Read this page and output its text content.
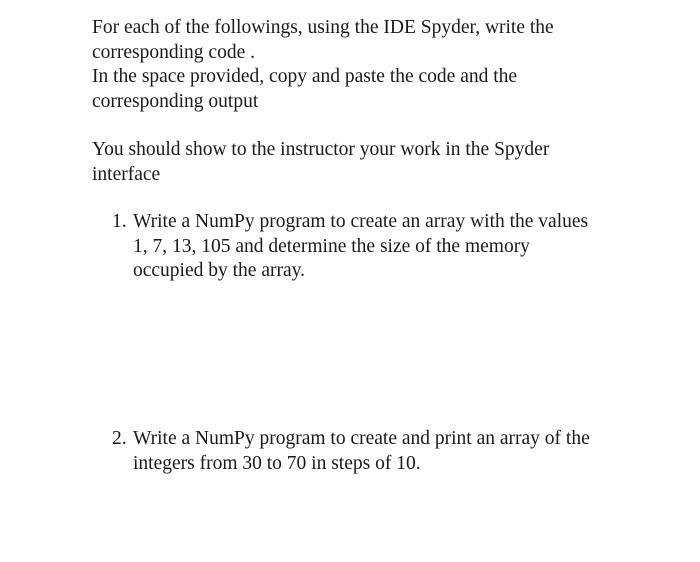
For each of the followings, using the IDE Spyder, write the
corresponding code .
In the space provided, copy and paste the code and the
corresponding output

You should show to the instructor your work in the Spyder
interface

1. Write a NumPy program to create an array with the values
1, 7, 13, 105 and determine the size of the memory
occupied by the array.
2. Write a NumPy program to create and print an array of the
integers from 30 to 70 in steps of 10.
